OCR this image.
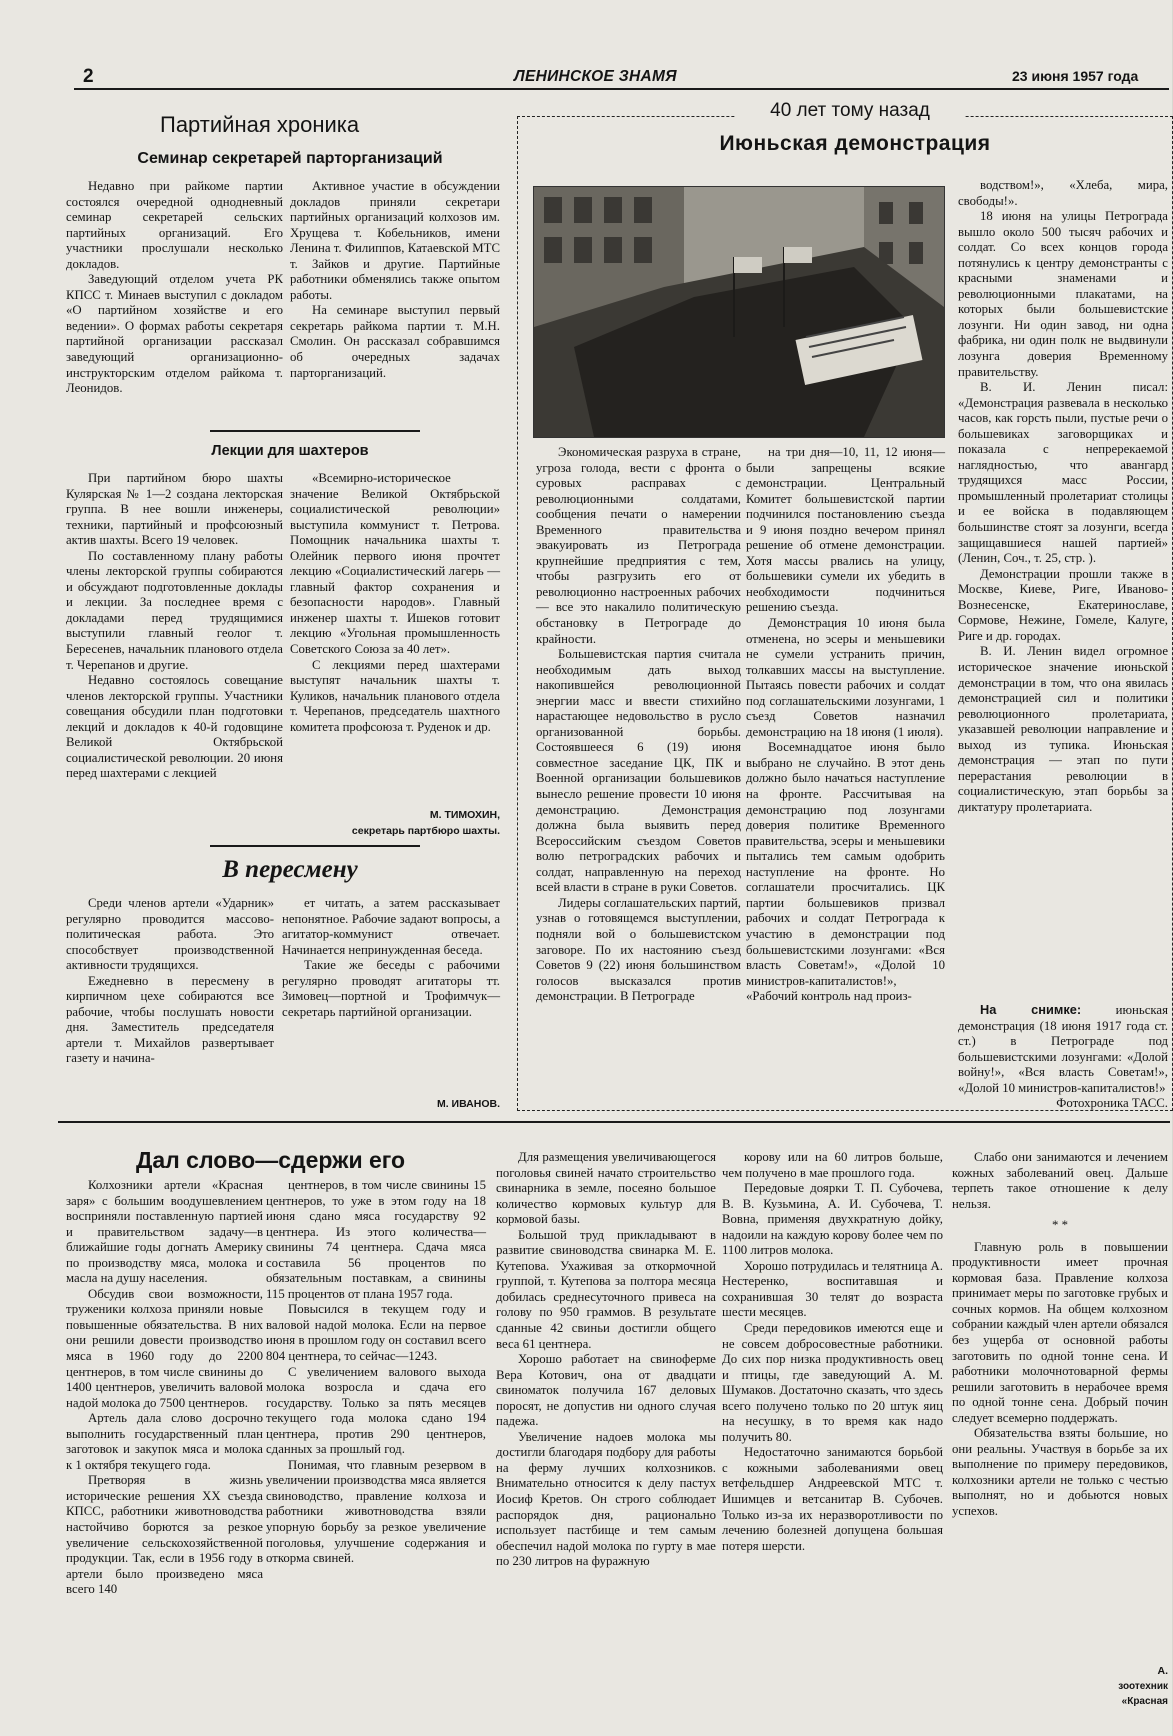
2	ЛЕНИНСКОЕ ЗНАМЯ	23 июня 1957 года
Партийная хроника
Семинар секретарей парторганизаций

Недавно при райкоме партии состоялся очередной однодневный семинар секретарей сельских партийных организаций. Его участники прослушали несколько докладов.

Заведующий отделом учета РК КПСС т. Минаев выступил с докладом «О партийном хозяйстве и его ведении». О формах работы секретаря партийной организации рассказал заведующий организационно-инструкторским отделом райкома т. Леонидов.

Активное участие в обсуждении докладов приняли секретари партийных организаций колхозов им. Хрущева т. Кобельников, имени Ленина т. Филиппов, Катаевской МТС т. Зайков и другие. Партийные работники обменялись также опытом работы.

На семинаре выступил первый секретарь райкома партии т. М.Н. Смолин. Он рассказал собравшимся об очередных задачах парторганизаций.

Лекции для шахтеров

При партийном бюро шахты Кулярская № 1—2 создана лекторская группа. В нее вошли инженеры, техники, партийный и профсоюзный актив шахты. Всего 19 человек.

По составленному плану работы члены лекторской группы собираются и обсуждают подготовленные доклады и лекции. За последнее время с докладами перед трудящимися выступили главный геолог т. Бересенев, начальник планового отдела т. Черепанов и другие.

Недавно состоялось совещание членов лекторской группы. Участники совещания обсудили план подготовки лекций и докладов к 40-й годовщине Великой Октябрьской социалистической революции. 20 июня перед шахтерами с лекцией

«Всемирно-историческое значение Великой Октябрьской социалистической революции» выступила коммунист т. Петрова. Помощник начальника шахты т. Олейник первого июня прочтет лекцию «Социалистический лагерь — главный фактор сохранения и безопасности народов». Главный инженер шахты т. Ишеков готовит лекцию «Угольная промышленность Советского Союза за 40 лет».

С лекциями перед шахтерами выступят начальник шахты т. Куликов, начальник планового отдела т. Черепанов, председатель шахтного комитета профсоюза т. Руденок и др.

М. ТИМОХИН,
секретарь партбюро шахты.
В пересмену

Среди членов артели «Ударник» регулярно проводится массово-политическая работа. Это способствует производственной активности трудящихся.

Ежедневно в пересмену в кирпичном цехе собираются все рабочие, чтобы послушать новости дня. Заместитель председателя артели т. Михайлов развертывает газету и начина-

ет читать, а затем рассказывает непонятное. Рабочие задают вопросы, а агитатор-коммунист отвечает. Начинается непринужденная беседа.

Такие же беседы с рабочими регулярно проводят агитаторы тт. Зимовец—портной и Трофимчук—секретарь партийной организации.

М. ИВАНОВ.
40 лет тому назад
Июньская демонстрация

Экономическая разруха в стране, угроза голода, вести с фронта о суровых расправах с революционными солдатами, сообщения печати о намерении Временного правительства эвакуировать из Петрограда крупнейшие предприятия с тем, чтобы разгрузить его от революционно настроенных рабочих — все это накалило политическую обстановку в Петрограде до крайности.

Большевистская партия считала необходимым дать выход накопившейся революционной энергии масс и ввести стихийно нарастающее недовольство в русло организованной борьбы. Состоявшееся 6 (19) июня совместное заседание ЦК, ПК и Военной организации большевиков вынесло решение провести 10 июня демонстрацию. Демонстрация должна была выявить перед Всероссийским съездом Советов волю петроградских рабочих и солдат, направленную на переход всей власти в стране в руки Советов.

Лидеры соглашательских партий, узнав о готовящемся выступлении, подняли вой о большевистском заговоре. По их настоянию съезд Советов 9 (22) июня большинством голосов высказался против демонстрации. В Петрограде

на три дня—10, 11, 12 июня—были запрещены всякие демонстрации. Центральный Комитет большевистской партии подчинился постановлению съезда и 9 июня поздно вечером принял решение об отмене демонстрации. Хотя массы рвались на улицу, большевики сумели их убедить в необходимости подчиниться решению съезда.

Демонстрация 10 июня была отменена, но эсеры и меньшевики не сумели устранить причин, толкавших массы на выступление. Пытаясь повести рабочих и солдат под соглашательскими лозунгами, 1 съезд Советов назначил демонстрацию на 18 июня (1 июля).

Восемнадцатое июня было выбрано не случайно. В этот день должно было начаться наступление на фронте. Рассчитывая на демонстрацию под лозунгами доверия политике Временного правительства, эсеры и меньшевики пытались тем самым одобрить наступление на фронте. Но соглашатели просчитались. ЦК партии большевиков призвал рабочих и солдат Петрограда к участию в демонстрации под большевистскими лозунгами: «Вся власть Советам!», «Долой 10 министров-капиталистов!», «Рабочий контроль над произ-

водством!», «Хлеба, мира, свободы!».

18 июня на улицы Петрограда вышло около 500 тысяч рабочих и солдат. Со всех концов города потянулись к центру демонстранты с красными знаменами и революционными плакатами, на которых были большевистские лозунги. Ни один завод, ни одна фабрика, ни один полк не выдвинули лозунга доверия Временному правительству.

В. И. Ленин писал: «Демонстрация развевала в несколько часов, как горсть пыли, пустые речи о большевиках заговорщиках и показала с непререкаемой наглядностью, что авангард трудящихся масс России, промышленный пролетариат столицы и ее войска в подавляющем большинстве стоят за лозунги, всегда защищавшиеся нашей партией» (Ленин, Соч., т. 25, стр. ).

Демонстрации прошли также в Москве, Киеве, Риге, Иваново-Вознесенске, Екатеринославе, Сормове, Нежине, Гомеле, Калуге, Риге и др. городах.

В. И. Ленин видел огромное историческое значение июньской демонстрации в том, что она явилась демонстрацией сил и политики революционного пролетариата, указавшей революции направление и выход из тупика. Июньская демонстрация — этап по пути перерастания революции в социалистическую, этап борьбы за диктатуру пролетариата.

На снимке:	июньская демонстрация (18 июня 1917 года ст. ст.) в Петрограде под большевистскими лозунгами: «Долой войну!», «Вся власть Советам!», «Долой 10 министров-капиталистов!»

Фотохроника ТАСС.
Дал слово—сдержи его

Колхозники артели «Красная заря» с большим воодушевлением восприняли поставленную партией и правительством задачу—в ближайшие годы догнать Америку по производству мяса, молока и масла на душу населения.

Обсудив свои возможности, труженики колхоза приняли новые повышенные обязательства. В них они решили довести производство мяса в 1960 году до 2200 центнеров, в том числе свинины до 1400 центнеров, увеличить валовой надой молока до 7500 центнеров.

Артель дала слово досрочно выполнить государственный план заготовок и закупок мяса и молока к 1 октября текущего года.

Претворяя в жизнь исторические решения XX съезда КПСС, работники животноводства настойчиво борются за резкое увеличение сельскохозяйственной продукции. Так, если в 1956 году в артели было произведено мяса всего 140

центнеров, в том числе свинины 15 центнеров, то уже в этом году на 18 июня сдано мяса государству 92 центнера. Из этого количества—свинины 74 центнера. Сдача мяса составила 56 процентов по обязательным поставкам, а свинины 115 процентов от плана 1957 года.

Повысился в текущем году и валовой надой молока. Если на первое июня в прошлом году он составил всего 804 центнера, то сейчас—1243.

С увеличением валового выхода молока возросла и сдача его государству. Только за пять месяцев текущего года молока сдано 194 центнера, против 290 центнеров, сданных за прошлый год.

Понимая, что главным резервом в увеличении производства мяса является свиноводство, правление колхоза и работники животноводства взяли упорную борьбу за резкое увеличение поголовья, улучшение содержания и откорма свиней.

Для размещения увеличивающегося поголовья свиней начато строительство свинарника в земле, посеяно большое количество кормовых культур для кормовой базы.

Большой труд прикладывают в развитие свиноводства свинарка М. Е. Кутепова. Ухаживая за откормочной группой, т. Кутепова за полтора месяца добилась среднесуточного привеса на голову по 950 граммов. В результате сданные 42 свиньи достигли общего веса 61 центнера.

Хорошо работает на свиноферме Вера Котович, она от двадцати свиноматок получила 167 деловых поросят, не допустив ни одного случая падежа.

Увеличение надоев молока мы достигли благодаря подбору для работы на ферму лучших колхозников. Внимательно относится к делу пастух Иосиф Кретов. Он строго соблюдает распорядок дня, рационально использует пастбище и тем самым обеспечил надой молока по гурту в мае по 230 литров на фуражную

корову или на 60 литров больше, чем получено в мае прошлого года.

Передовые доярки Т. П. Субочева, В. В. Кузьмина, А. И. Субочева, Т. Вовна, применяя двухкратную дойку, надоили на каждую корову более чем по 1100 литров молока.

Хорошо потрудилась и телятница А. Нестеренко, воспитавшая и сохранившая 30 телят до возраста шести месяцев.

Среди передовиков имеются еще и не совсем добросовестные работники. До сих пор низка продуктивность овец и птицы, где заведующий А. М. Шумаков. Достаточно сказать, что здесь всего получено только по 20 штук яиц на несушку, в то время как надо получить 80.

Недостаточно занимаются борьбой с кожными заболеваниями овец ветфельдшер Андреевской МТС т. Ишимцев и ветсанитар В. Субочев. Только из-за их неразворотливости по лечению болезней допущена большая потеря шерсти.

Слабо они занимаются и лечением кожных заболеваний овец. Дальше терпеть такое отношение к делу нельзя.

* *

Главную роль в повышении продуктивности имеет прочная кормовая база. Правление колхоза принимает меры по заготовке грубых и сочных кормов. На общем колхозном собрании каждый член артели обязался без ущерба от основной работы заготовить по одной тонне сена. И работники молочнотоварной фермы решили заготовить в нерабочее время по одной тонне сена. Добрый почин следует всемерно поддержать.

Обязательства взяты большие, но они реальны. Участвуя в борьбе за их выполнение по примеру передовиков, колхозники артели не только с честью выполнят, но и добьются новых успехов.

А.
зоотехник
«Красная
